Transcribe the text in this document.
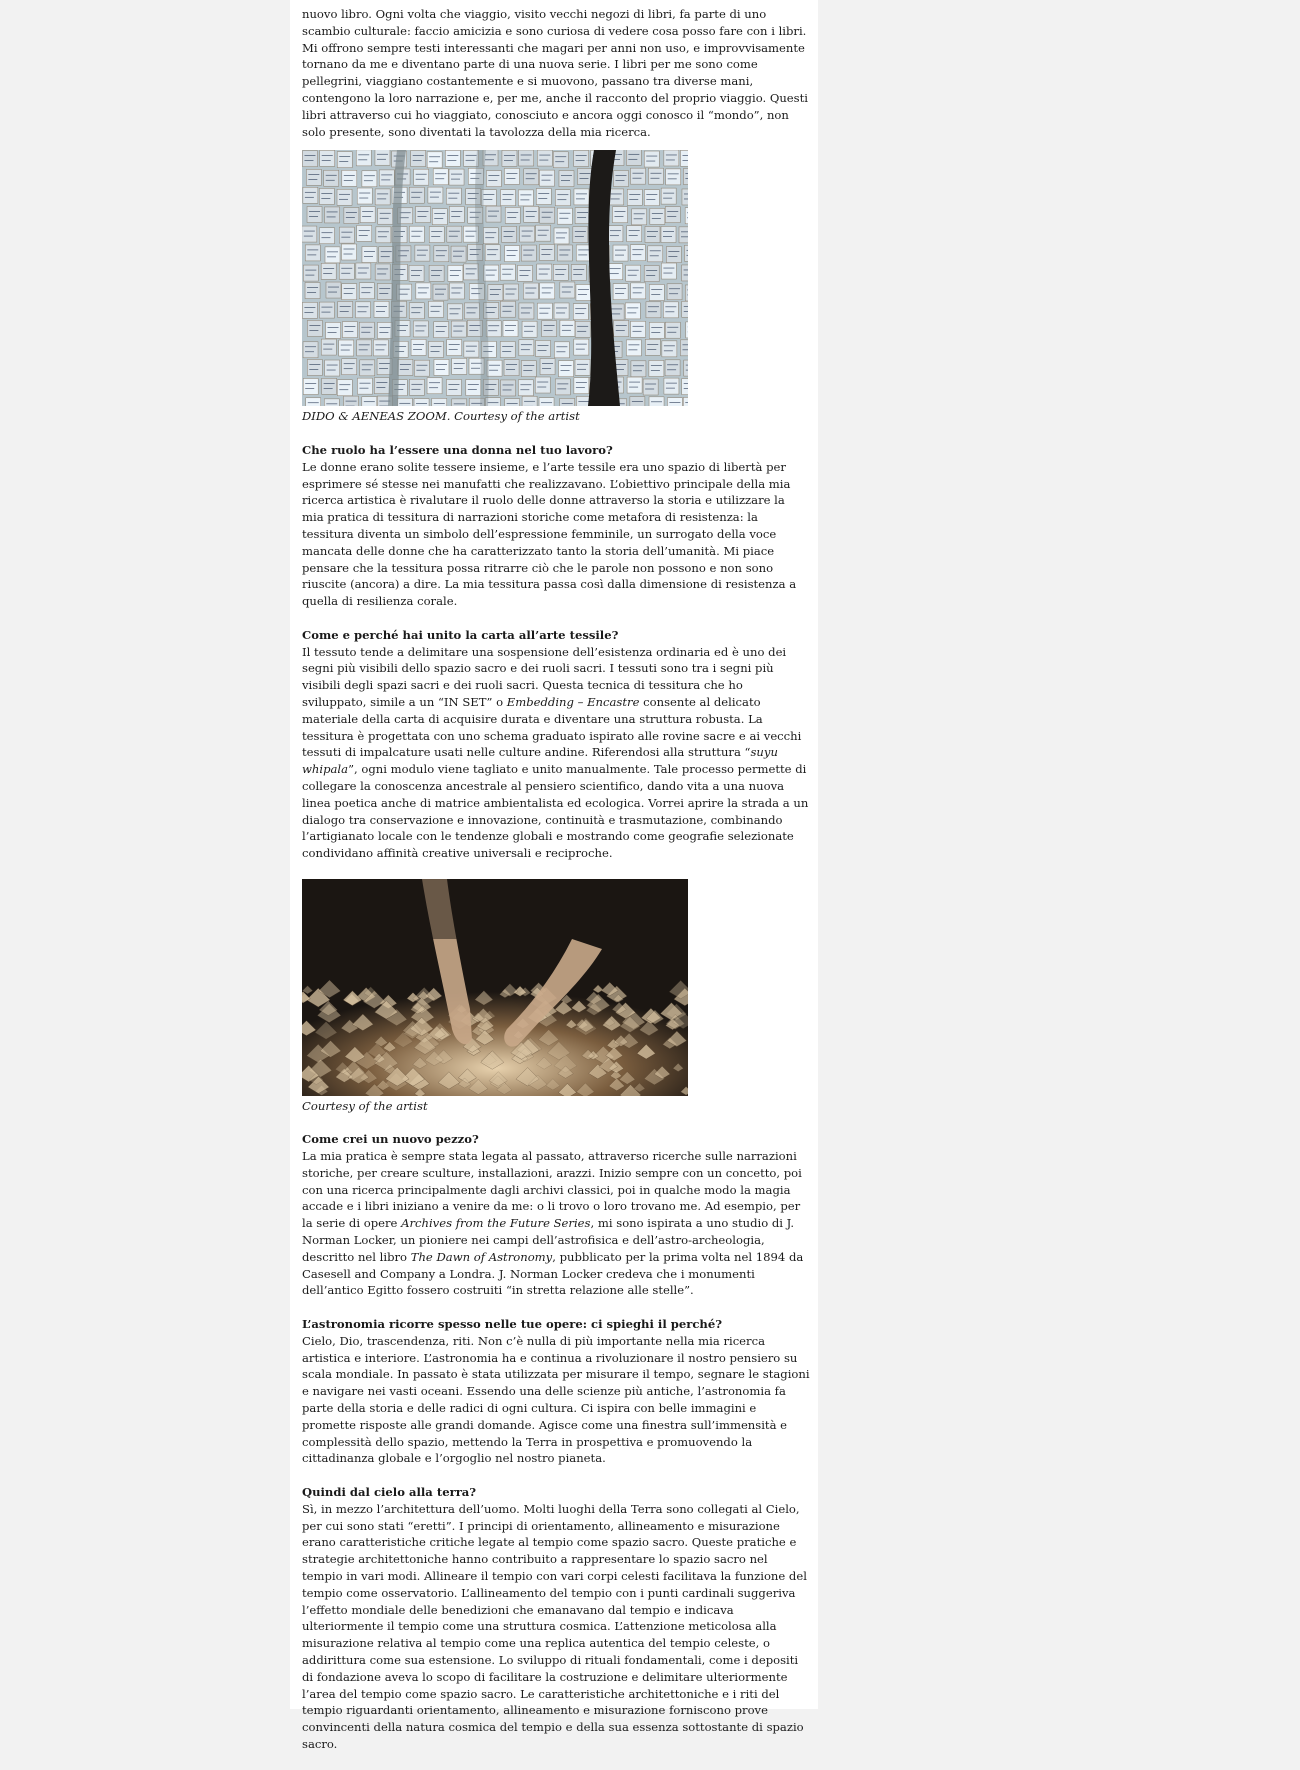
nuovo libro. Ogni volta che viaggio, visito vecchi negozi di libri, fa parte di uno scambio culturale: faccio amicizia e sono curiosa di vedere cosa posso fare con i libri. Mi offrono sempre testi interessanti che magari per anni non uso, e improvvisamente tornano da me e diventano parte di una nuova serie. I libri per me sono come pellegrini, viaggiano costantemente e si muovono, passano tra diverse mani, contengono la loro narrazione e, per me, anche il racconto del proprio viaggio. Questi libri attraverso cui ho viaggiato, conosciuto e ancora oggi conosco il “mondo”, non solo presente, sono diventati la tavolozza della mia ricerca.

DIDO & AENEAS ZOOM. Courtesy of the artist

Che ruolo ha l’essere una donna nel tuo lavoro?

Le donne erano solite tessere insieme, e l’arte tessile era uno spazio di libertà per esprimere sé stesse nei manufatti che realizzavano. L’obiettivo principale della mia ricerca artistica è rivalutare il ruolo delle donne attraverso la storia e utilizzare la mia pratica di tessitura di narrazioni storiche come metafora di resistenza: la tessitura diventa un simbolo dell’espressione femminile, un surrogato della voce mancata delle donne che ha caratterizzato tanto la storia dell’umanità. Mi piace pensare che la tessitura possa ritrarre ciò che le parole non possono e non sono riuscite (ancora) a dire. La mia tessitura passa così dalla dimensione di resistenza a quella di resilienza corale.

Come e perché hai unito la carta all’arte tessile?

Il tessuto tende a delimitare una sospensione dell’esistenza ordinaria ed è uno dei segni più visibili dello spazio sacro e dei ruoli sacri. I tessuti sono tra i segni più visibili degli spazi sacri e dei ruoli sacri. Questa tecnica di tessitura che ho sviluppato, simile a un “IN SET” o Embedding – Encastre consente al delicato materiale della carta di acquisire durata e diventare una struttura robusta. La tessitura è progettata con uno schema graduato ispirato alle rovine sacre e ai vecchi tessuti di impalcature usati nelle culture andine. Riferendosi alla struttura “suyu whipala”, ogni modulo viene tagliato e unito manualmente. Tale processo permette di collegare la conoscenza ancestrale al pensiero scientifico, dando vita a una nuova linea poetica anche di matrice ambientalista ed ecologica. Vorrei aprire la strada a un dialogo tra conservazione e innovazione, continuità e trasmutazione, combinando l’artigianato locale con le tendenze globali e mostrando come geografie selezionate condividano affinità creative universali e reciproche.

Courtesy of the artist

Come crei un nuovo pezzo?

La mia pratica è sempre stata legata al passato, attraverso ricerche sulle narrazioni storiche, per creare sculture, installazioni, arazzi. Inizio sempre con un concetto, poi con una ricerca principalmente dagli archivi classici, poi in qualche modo la magia accade e i libri iniziano a venire da me: o li trovo o loro trovano me. Ad esempio, per la serie di opere Archives from the Future Series, mi sono ispirata a uno studio di J. Norman Locker, un pioniere nei campi dell’astrofisica e dell’astro-archeologia, descritto nel libro The Dawn of Astronomy, pubblicato per la prima volta nel 1894 da Casesell and Company a Londra. J. Norman Locker credeva che i monumenti dell’antico Egitto fossero costruiti “in stretta relazione alle stelle”.

L’astronomia ricorre spesso nelle tue opere: ci spieghi il perché?

Cielo, Dio, trascendenza, riti. Non c’è nulla di più importante nella mia ricerca artistica e interiore. L’astronomia ha e continua a rivoluzionare il nostro pensiero su scala mondiale. In passato è stata utilizzata per misurare il tempo, segnare le stagioni e navigare nei vasti oceani. Essendo una delle scienze più antiche, l’astronomia fa parte della storia e delle radici di ogni cultura. Ci ispira con belle immagini e promette risposte alle grandi domande. Agisce come una finestra sull’immensità e complessità dello spazio, mettendo la Terra in prospettiva e promuovendo la cittadinanza globale e l’orgoglio nel nostro pianeta.

Quindi dal cielo alla terra?

Sì, in mezzo l’architettura dell’uomo. Molti luoghi della Terra sono collegati al Cielo, per cui sono stati “eretti”. I principi di orientamento, allineamento e misurazione erano caratteristiche critiche legate al tempio come spazio sacro. Queste pratiche e strategie architettoniche hanno contribuito a rappresentare lo spazio sacro nel tempio in vari modi. Allineare il tempio con vari corpi celesti facilitava la funzione del tempio come osservatorio. L’allineamento del tempio con i punti cardinali suggeriva l’effetto mondiale delle benedizioni che emanavano dal tempio e indicava ulteriormente il tempio come una struttura cosmica. L’attenzione meticolosa alla misurazione relativa al tempio come una replica autentica del tempio celeste, o addirittura come sua estensione. Lo sviluppo di rituali fondamentali, come i depositi di fondazione aveva lo scopo di facilitare la costruzione e delimitare ulteriormente l’area del tempio come spazio sacro. Le caratteristiche architettoniche e i riti del tempio riguardanti orientamento, allineamento e misurazione forniscono prove convincenti della natura cosmica del tempio e della sua essenza sottostante di spazio sacro.
